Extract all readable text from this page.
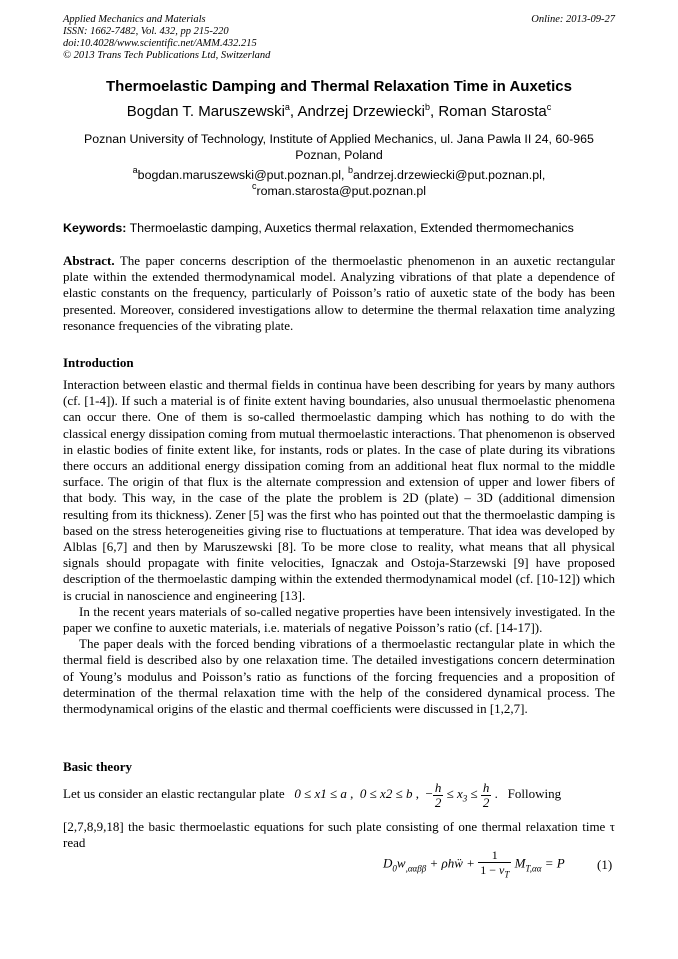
Applied Mechanics and Materials
ISSN: 1662-7482, Vol. 432, pp 215-220
doi:10.4028/www.scientific.net/AMM.432.215
© 2013 Trans Tech Publications Ltd, Switzerland
Online: 2013-09-27
Thermoelastic Damping and Thermal Relaxation Time in Auxetics
Bogdan T. Maruszewski$^a$, Andrzej Drzewiecki$^b$, Roman Starosta$^c$
Poznan University of Technology, Institute of Applied Mechanics, ul. Jana Pawla II 24, 60-965 Poznan, Poland
$^a$bogdan.maruszewski@put.poznan.pl, $^b$andrzej.drzewiecki@put.poznan.pl,
$^c$roman.starosta@put.poznan.pl
Keywords: Thermoelastic damping, Auxetics thermal relaxation, Extended thermomechanics
Abstract. The paper concerns description of the thermoelastic phenomenon in an auxetic rectangular plate within the extended thermodynamical model. Analyzing vibrations of that plate a dependence of elastic constants on the frequency, particularly of Poisson’s ratio of auxetic state of the body has been presented. Moreover, considered investigations allow to determine the thermal relaxation time analyzing resonance frequencies of the vibrating plate.
Introduction

Interaction between elastic and thermal fields in continua have been describing for years by many authors (cf. [1-4]). If such a material is of finite extent having boundaries, also unusual thermoelastic phenomena can occur there. One of them is so-called thermoelastic damping which has nothing to do with the classical energy dissipation coming from mutual thermoelastic interactions. That phenomenon is observed in elastic bodies of finite extent like, for instants, rods or plates. In the case of plate during its vibrations there occurs an additional energy dissipation coming from an additional heat flux normal to the middle surface. The origin of that flux is the alternate compression and extension of upper and lower fibers of that body. This way, in the case of the plate the problem is 2D (plate) – 3D (additional dimension resulting from its thickness). Zener [5] was the first who has pointed out that the thermoelastic damping is based on the stress heterogeneities giving rise to fluctuations at temperature. That idea was developed by Alblas [6,7] and then by Maruszewski [8]. To be more close to reality, what means that all physical signals should propagate with finite velocities, Ignaczak and Ostoja-Starzewski [9] have proposed description of the thermoelastic damping within the extended thermodynamical model (cf. [10-12]) which is crucial in nanoscience and engineering [13].

In the recent years materials of so-called negative properties have been intensively investigated. In the paper we confine to auxetic materials, i.e. materials of negative Poisson’s ratio (cf. [14-17]).

The paper deals with the forced bending vibrations of a thermoelastic rectangular plate in which the thermal field is described also by one relaxation time. The detailed investigations concern determination of Young’s modulus and Poisson’s ratio as functions of the forcing frequencies and a proposition of determination of the thermal relaxation time with the help of the considered dynamical process. The thermodynamical origins of the elastic and thermal coefficients were discussed in [1,2,7].

Basic theory
Let us consider an elastic rectangular plate 0 ≤ x1 ≤ a ,  0 ≤ x2 ≤ b ,  − $\frac{h}{2} \le x_3 \le \frac{h}{2}$ .   Following
[2,7,8,9,18] the basic thermoelastic equations for such plate consisting of one thermal relaxation time τ read
$D_0w_{,\alpha\alpha\beta\beta}$ + ρhẅ + $\frac{1}{1 - \nu_T} M_{T,\alpha\alpha} = P$ (1)
